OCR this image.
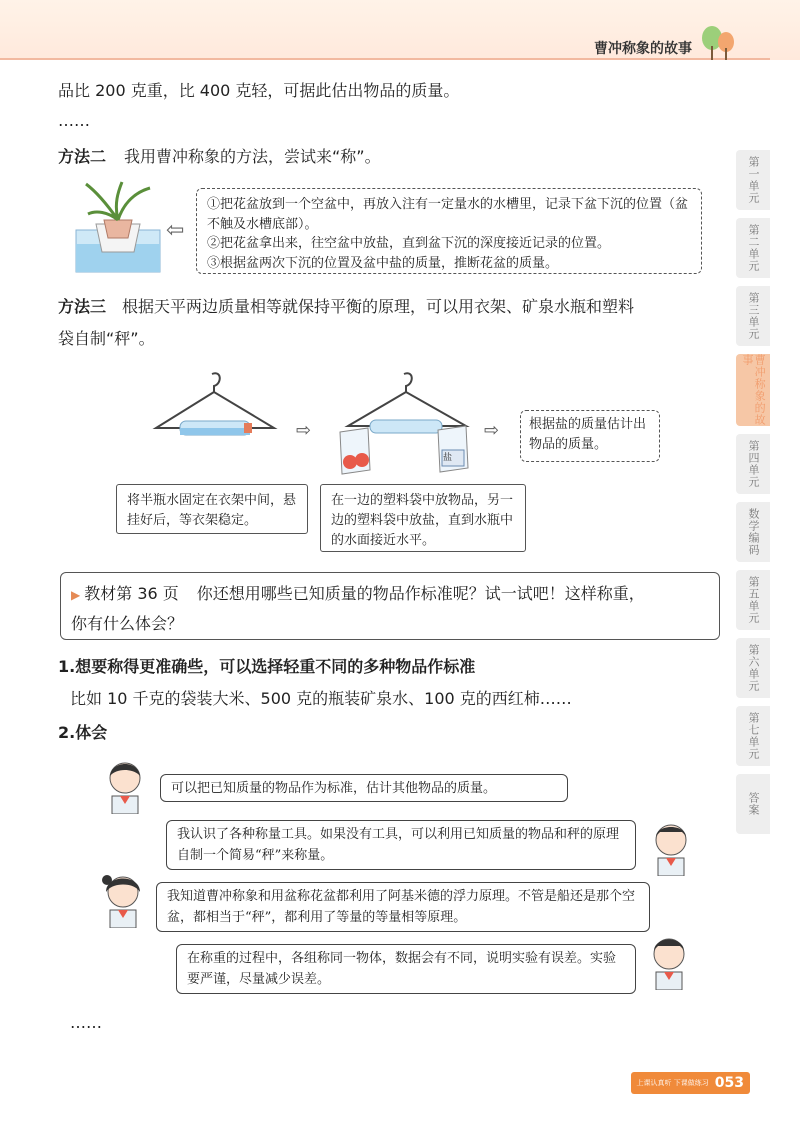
曹冲称象的故事
第一单元
第二单元
第三单元
曹冲称象的故事
第四单元
数学编码
第五单元
第六单元
第七单元
答案
品比 200 克重，比 400 克轻，可据此估出物品的质量。
……
方法二 我用曹冲称象的方法，尝试来“称”。
⇦
①把花盆放到一个空盆中，再放入注有一定量水的水槽里，记录下盆下沉的位置（盆不触及水槽底部）。
②把花盆拿出来，往空盆中放盐，直到盆下沉的深度接近记录的位置。
③根据盆两次下沉的位置及盆中盐的质量，推断花盆的质量。
方法三 根据天平两边质量相等就保持平衡的原理，可以用衣架、矿泉水瓶和塑料
袋自制“秤”。
⇨
盐
⇨	根据盐的质量估计出物品的质量。
将半瓶水固定在衣架中间，悬挂好后，等衣架稳定。
在一边的塑料袋中放物品，另一边的塑料袋中放盐，直到水瓶中的水面接近水平。
▶ 教材第 36 页 你还想用哪些已知质量的物品作标准呢？试一试吧！这样称重，
你有什么体会？
1.想要称得更准确些，可以选择轻重不同的多种物品作标准
比如 10 千克的袋装大米、500 克的瓶装矿泉水、100 克的西红柿……
2.体会
可以把已知质量的物品作为标准，估计其他物品的质量。
我认识了各种称量工具。如果没有工具，可以利用已知质量的物品和秤的原理自制一个简易“秤”来称量。
我知道曹冲称象和用盆称花盆都利用了阿基米德的浮力原理。不管是船还是那个空盆，都相当于“秤”，都利用了等量的等量相等原理。
在称重的过程中，各组称同一物体，数据会有不同，说明实验有误差。实验要严谨，尽量减少误差。
……
上课认真听 下课做练习 053
